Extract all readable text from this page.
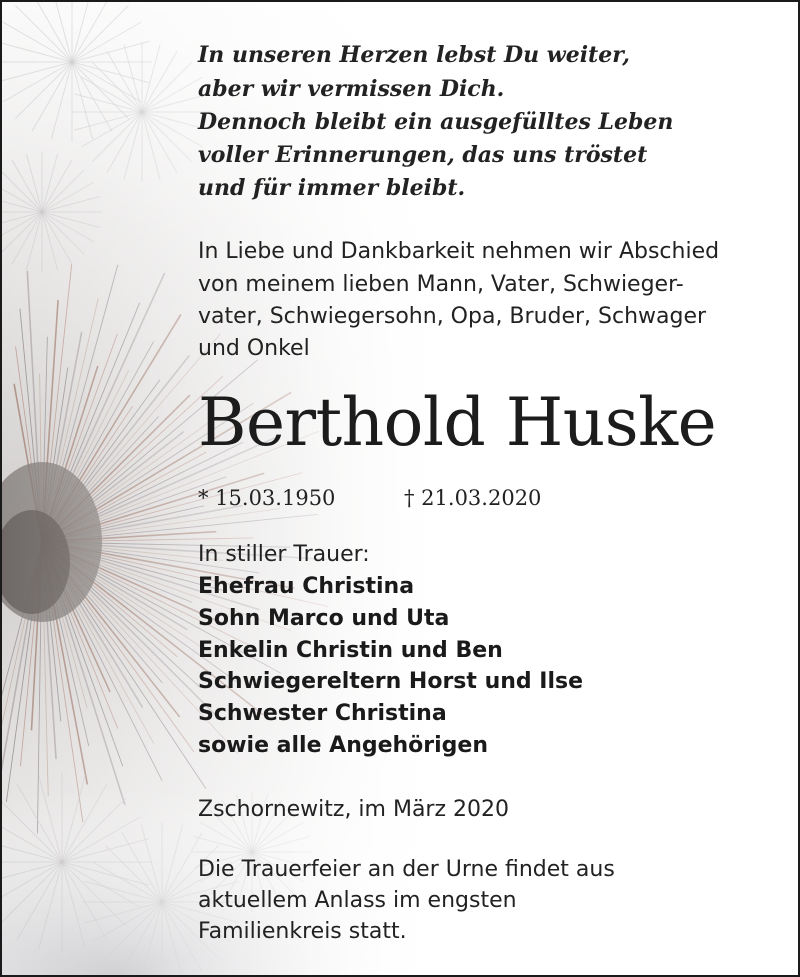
In unseren Herzen lebst Du weiter,
aber wir vermissen Dich.
Dennoch bleibt ein ausgefülltes Leben
voller Erinnerungen, das uns tröstet
und für immer bleibt.
In Liebe und Dankbarkeit nehmen wir Abschied
von meinem lieben Mann, Vater, Schwieger-
vater, Schwiegersohn, Opa, Bruder, Schwager
und Onkel
Berthold Huske
* 15.03.1950	† 21.03.2020
In stiller Trauer:
Ehefrau Christina
Sohn Marco und Uta
Enkelin Christin und Ben
Schwiegereltern Horst und Ilse
Schwester Christina
sowie alle Angehörigen
Zschornewitz, im März 2020
Die Trauerfeier an der Urne findet aus
aktuellem Anlass im engsten
Familienkreis statt.
